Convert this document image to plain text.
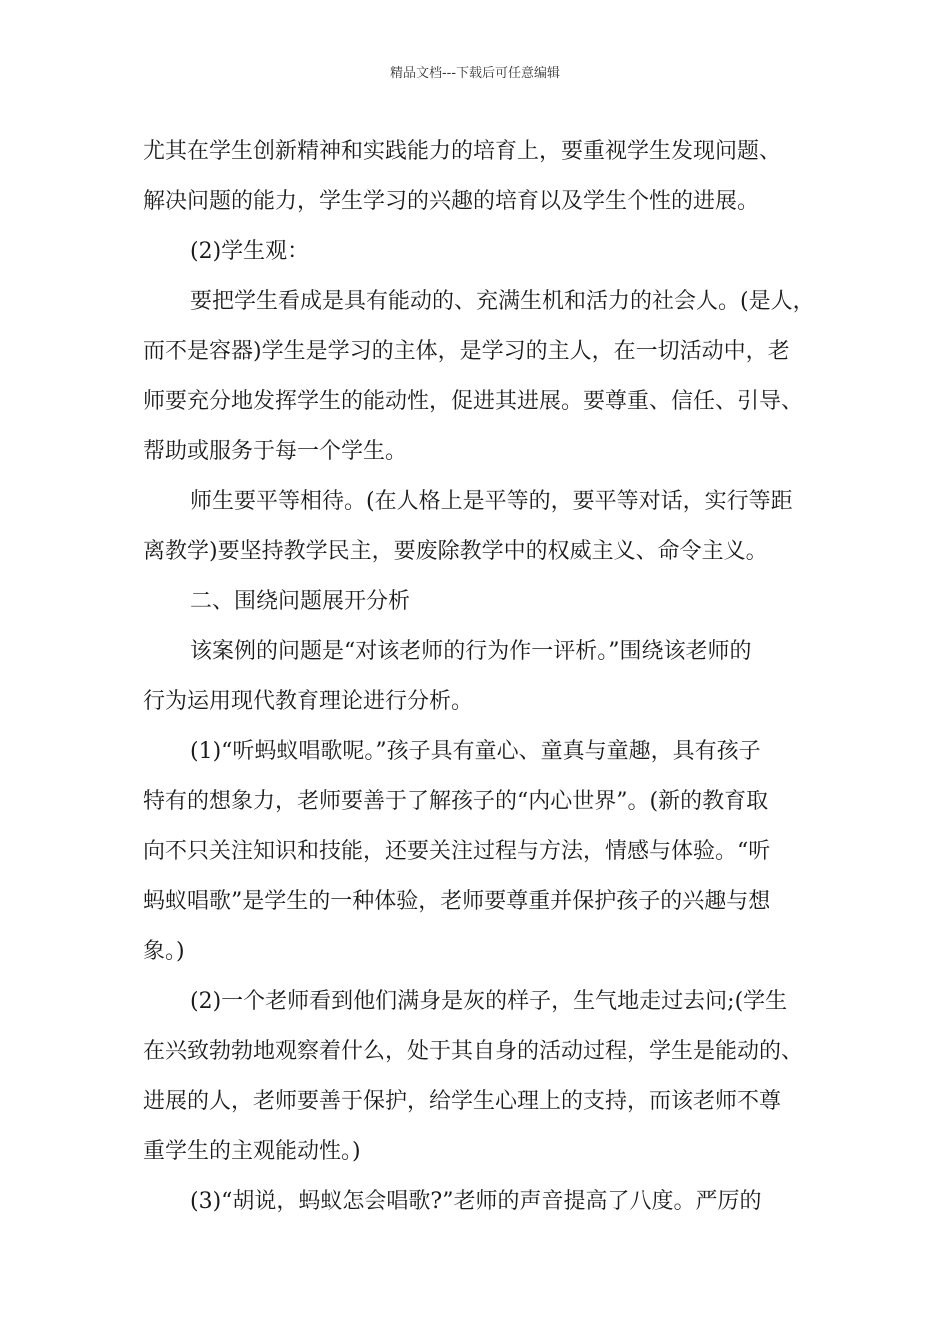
精品文档---下载后可任意编辑
尤其在学生创新精神和实践能力的培育上，要重视学生发现问题、
解决问题的能力，学生学习的兴趣的培育以及学生个性的进展。
(2)学生观：
要把学生看成是具有能动的、充满生机和活力的社会人。(是人，
而不是容器)学生是学习的主体，是学习的主人，在一切活动中，老
师要充分地发挥学生的能动性，促进其进展。要尊重、信任、引导、
帮助或服务于每一个学生。
师生要平等相待。(在人格上是平等的，要平等对话，实行等距
离教学)要坚持教学民主，要废除教学中的权威主义、命令主义。
二、围绕问题展开分析
该案例的问题是“对该老师的行为作一评析。”围绕该老师的
行为运用现代教育理论进行分析。
(1)“听蚂蚁唱歌呢。”孩子具有童心、童真与童趣，具有孩子
特有的想象力，老师要善于了解孩子的“内心世界”。(新的教育取
向不只关注知识和技能，还要关注过程与方法，情感与体验。“听
蚂蚁唱歌”是学生的一种体验，老师要尊重并保护孩子的兴趣与想
象。)
(2)一个老师看到他们满身是灰的样子，生气地走过去问;(学生
在兴致勃勃地观察着什么，处于其自身的活动过程，学生是能动的、
进展的人，老师要善于保护，给学生心理上的支持，而该老师不尊
重学生的主观能动性。)
(3)“胡说，蚂蚁怎会唱歌?”老师的声音提高了八度。严厉的
